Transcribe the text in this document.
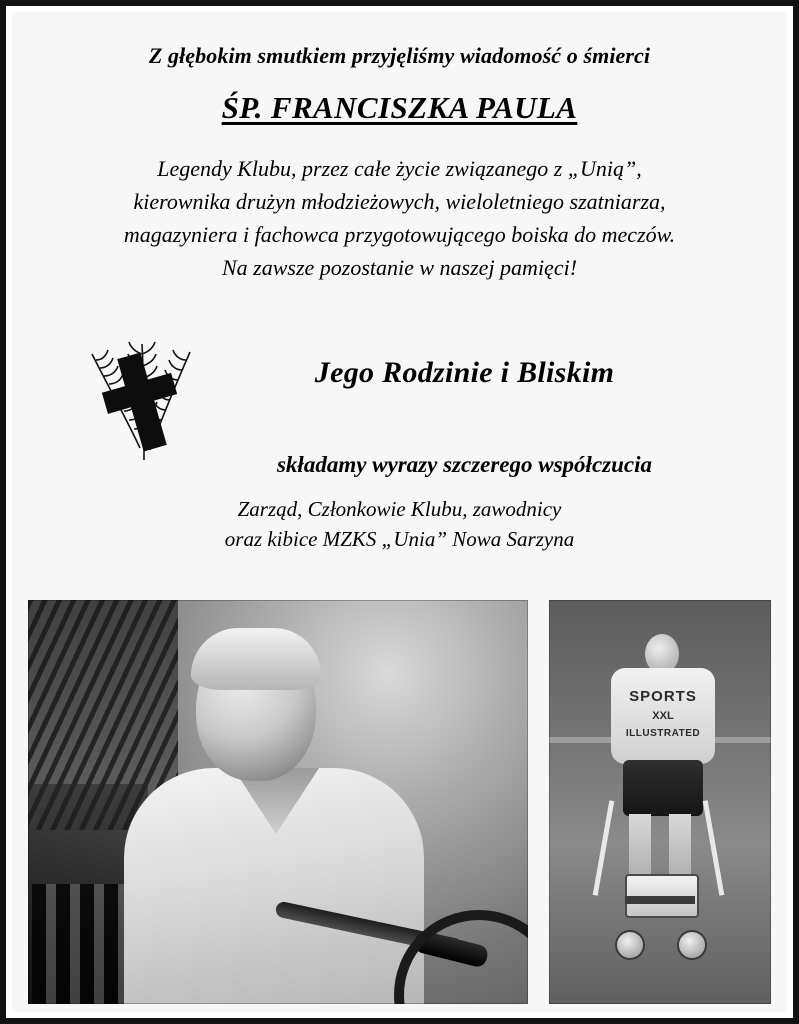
Z głębokim smutkiem przyjęliśmy wiadomość o śmierci
ŚP. FRANCISZKA PAULA
Legendy Klubu, przez całe życie związanego z „Unią”,
kierownika drużyn młodzieżowych, wieloletniego szatniarza,
magazyniera i fachowca przygotowującego boiska do meczów.
Na zawsze pozostanie w naszej pamięci!
Jego Rodzinie i Bliskim
składamy wyrazy szczerego współczucia
Zarząd, Członkowie Klubu, zawodnicy
oraz kibice MZKS „Unia” Nowa Sarzyna
SPORTS
XXL
ILLUSTRATED
